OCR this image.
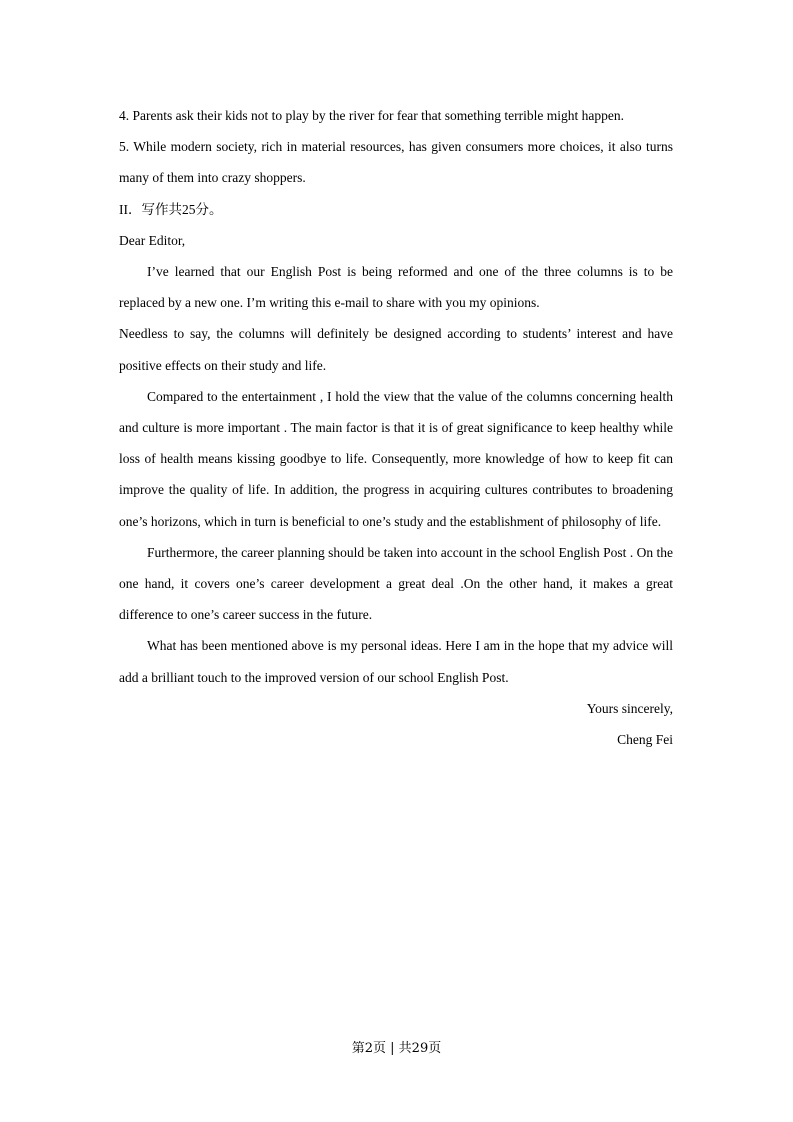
4. Parents ask their kids not to play by the river for fear that something terrible might happen.

5. While modern society, rich in material resources, has given consumers more choices, it also turns many of them into crazy shoppers.

II．写作共25分。

Dear Editor,

I’ve learned that our English Post is being reformed and one of the three columns is to be replaced by a new one. I’m writing this e-mail to share with you my opinions.

Needless to say, the columns will definitely be designed according to students’ interest and have positive effects on their study and life.

Compared to the entertainment , I hold the view that the value of the columns concerning health and culture is more important . The main factor is that it is of great significance to keep healthy while loss of health means kissing goodbye to life. Consequently, more knowledge of how to keep fit can improve the quality of life. In addition, the progress in acquiring cultures contributes to broadening one’s horizons, which in turn is beneficial to one’s study and the establishment of philosophy of life.

Furthermore, the career planning should be taken into account in the school English Post . On the one hand, it covers one’s career development a great deal .On the other hand, it makes a great difference to one’s career success in the future.

What has been mentioned above is my personal ideas. Here I am in the hope that my advice will add a brilliant touch to the improved version of our school English Post.

Yours sincerely,

Cheng Fei

第2页 | 共29页
